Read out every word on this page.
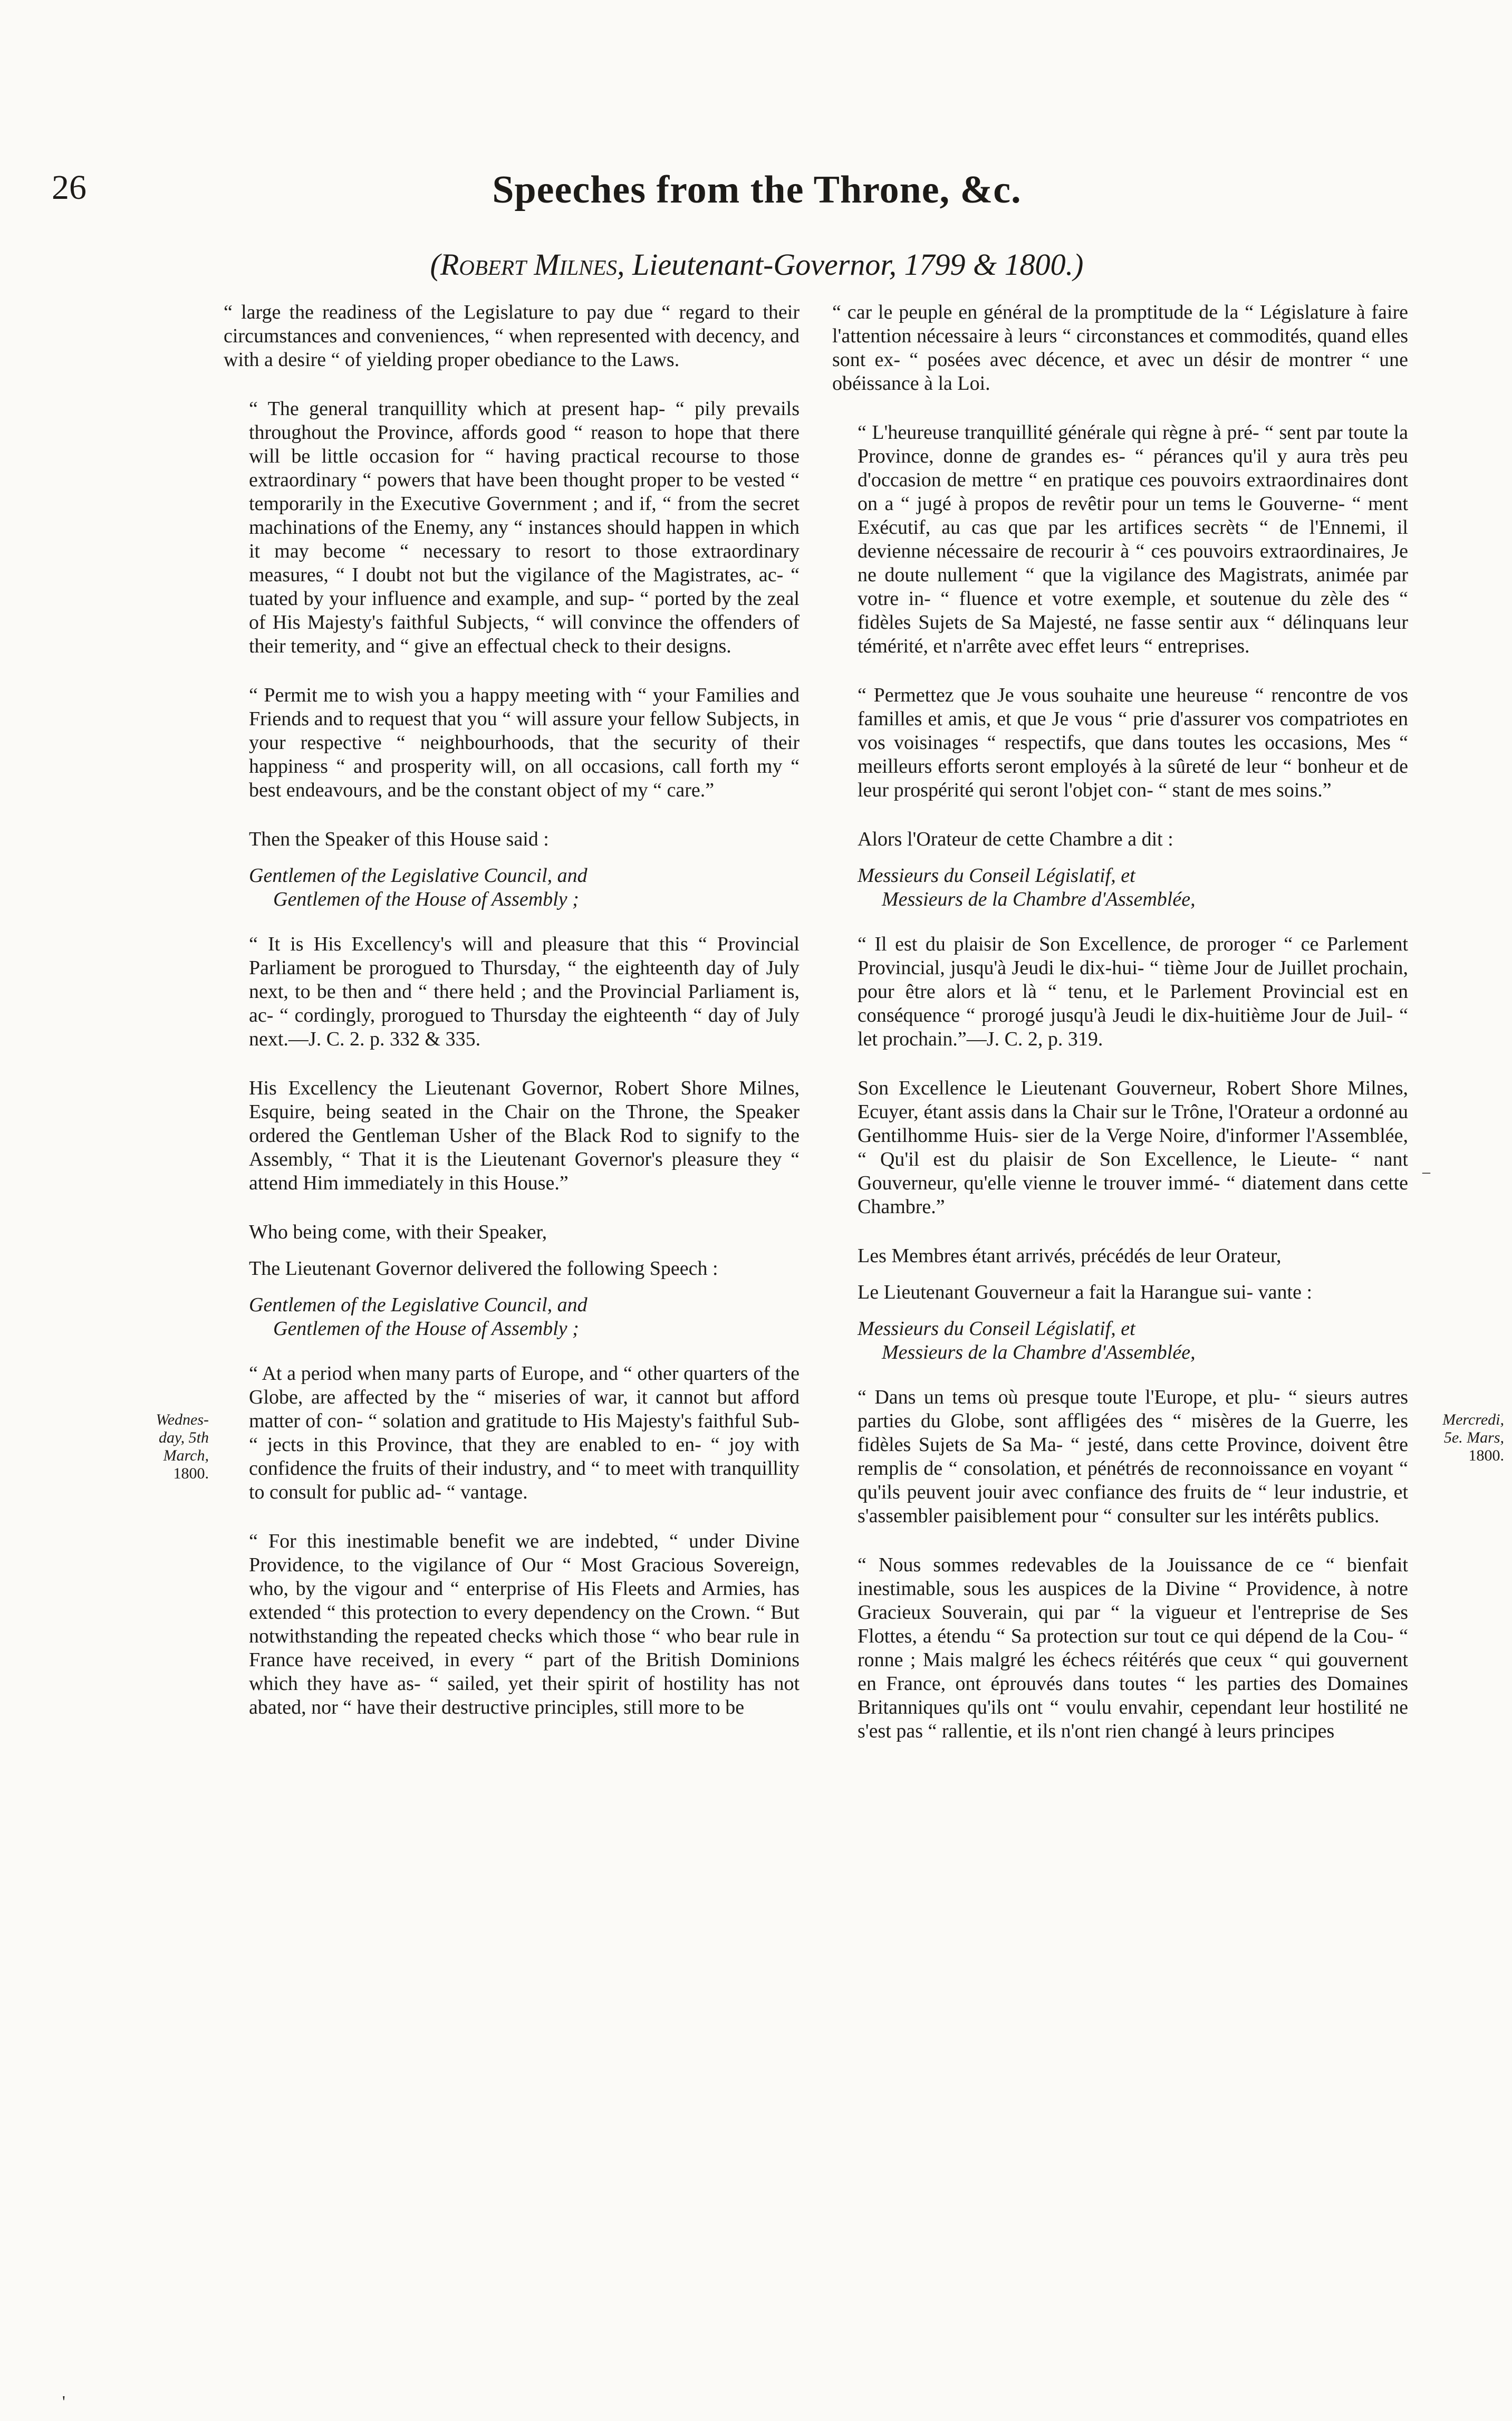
26	Speeches from the Throne, &c.
(Robert Milnes, Lieutenant-Governor, 1799 & 1800.)

“ large the readiness of the Legislature to pay due “ regard to their circumstances and conveniences, “ when represented with decency, and with a desire “ of yielding proper obediance to the Laws.

“ The general tranquillity which at present hap- “ pily prevails throughout the Province, affords good “ reason to hope that there will be little occasion for “ having practical recourse to those extraordinary “ powers that have been thought proper to be vested “ temporarily in the Executive Government ; and if, “ from the secret machinations of the Enemy, any “ instances should happen in which it may become “ necessary to resort to those extraordinary measures, “ I doubt not but the vigilance of the Magistrates, ac- “ tuated by your influence and example, and sup- “ ported by the zeal of His Majesty's faithful Subjects, “ will convince the offenders of their temerity, and “ give an effectual check to their designs.

“ Permit me to wish you a happy meeting with “ your Families and Friends and to request that you “ will assure your fellow Subjects, in your respective “ neighbourhoods, that the security of their happiness “ and prosperity will, on all occasions, call forth my “ best endeavours, and be the constant object of my “ care.”

Then the Speaker of this House said :

Gentlemen of the Legislative Council, and
Gentlemen of the House of Assembly ;

“ It is His Excellency's will and pleasure that this “ Provincial Parliament be prorogued to Thursday, “ the eighteenth day of July next, to be then and “ there held ; and the Provincial Parliament is, ac- “ cordingly, prorogued to Thursday the eighteenth “ day of July next.—J. C. 2. p. 332 & 335.

His Excellency the Lieutenant Governor, Robert Shore Milnes, Esquire, being seated in the Chair on the Throne, the Speaker ordered the Gentleman Usher of the Black Rod to signify to the Assembly, “ That it is the Lieutenant Governor's pleasure they “ attend Him immediately in this House.”

Who being come, with their Speaker,

The Lieutenant Governor delivered the following Speech :

Gentlemen of the Legislative Council, and
Gentlemen of the House of Assembly ;

“ At a period when many parts of Europe, and “ other quarters of the Globe, are affected by the “ miseries of war, it cannot but afford matter of con- “ solation and gratitude to His Majesty's faithful Sub- “ jects in this Province, that they are enabled to en- “ joy with confidence the fruits of their industry, and “ to meet with tranquillity to consult for public ad- “ vantage.

“ For this inestimable benefit we are indebted, “ under Divine Providence, to the vigilance of Our “ Most Gracious Sovereign, who, by the vigour and “ enterprise of His Fleets and Armies, has extended “ this protection to every dependency on the Crown. “ But notwithstanding the repeated checks which those “ who bear rule in France have received, in every “ part of the British Dominions which they have as- “ sailed, yet their spirit of hostility has not abated, nor “ have their destructive principles, still more to be

“ car le peuple en général de la promptitude de la “ Législature à faire l'attention nécessaire à leurs “ circonstances et commodités, quand elles sont ex- “ posées avec décence, et avec un désir de montrer “ une obéissance à la Loi.

“ L'heureuse tranquillité générale qui règne à pré- “ sent par toute la Province, donne de grandes es- “ pérances qu'il y aura très peu d'occasion de mettre “ en pratique ces pouvoirs extraordinaires dont on a “ jugé à propos de revêtir pour un tems le Gouverne- “ ment Exécutif, au cas que par les artifices secrèts “ de l'Ennemi, il devienne nécessaire de recourir à “ ces pouvoirs extraordinaires, Je ne doute nullement “ que la vigilance des Magistrats, animée par votre in- “ fluence et votre exemple, et soutenue du zèle des “ fidèles Sujets de Sa Majesté, ne fasse sentir aux “ délinquans leur témérité, et n'arrête avec effet leurs “ entreprises.

“ Permettez que Je vous souhaite une heureuse “ rencontre de vos familles et amis, et que Je vous “ prie d'assurer vos compatriotes en vos voisinages “ respectifs, que dans toutes les occasions, Mes “ meilleurs efforts seront employés à la sûreté de leur “ bonheur et de leur prospérité qui seront l'objet con- “ stant de mes soins.”

Alors l'Orateur de cette Chambre a dit :

Messieurs du Conseil Législatif, et
Messieurs de la Chambre d'Assemblée,

“ Il est du plaisir de Son Excellence, de proroger “ ce Parlement Provincial, jusqu'à Jeudi le dix-hui- “ tième Jour de Juillet prochain, pour être alors et là “ tenu, et le Parlement Provincial est en conséquence “ prorogé jusqu'à Jeudi le dix-huitième Jour de Juil- “ let prochain.”—J. C. 2, p. 319.

Son Excellence le Lieutenant Gouverneur, Robert Shore Milnes, Ecuyer, étant assis dans la Chair sur le Trône, l'Orateur a ordonné au Gentilhomme Huis- sier de la Verge Noire, d'informer l'Assemblée, “ Qu'il est du plaisir de Son Excellence, le Lieute- “ nant Gouverneur, qu'elle vienne le trouver immé- “ diatement dans cette Chambre.”

Les Membres étant arrivés, précédés de leur Orateur,

Le Lieutenant Gouverneur a fait la Harangue sui- vante :

Messieurs du Conseil Législatif, et
Messieurs de la Chambre d'Assemblée,

“ Dans un tems où presque toute l'Europe, et plu- “ sieurs autres parties du Globe, sont affligées des “ misères de la Guerre, les fidèles Sujets de Sa Ma- “ jesté, dans cette Province, doivent être remplis de “ consolation, et pénétrés de reconnoissance en voyant “ qu'ils peuvent jouir avec confiance des fruits de “ leur industrie, et s'assembler paisiblement pour “ consulter sur les intérêts publics.

“ Nous sommes redevables de la Jouissance de ce “ bienfait inestimable, sous les auspices de la Divine “ Providence, à notre Gracieux Souverain, qui par “ la vigueur et l'entreprise de Ses Flottes, a étendu “ Sa protection sur tout ce qui dépend de la Cou- “ ronne ; Mais malgré les échecs réitérés que ceux “ qui gouvernent en France, ont éprouvés dans toutes “ les parties des Domaines Britanniques qu'ils ont “ voulu envahir, cependant leur hostilité ne s'est pas “ rallentie, et ils n'ont rien changé à leurs principes

Wednes-
day, 5th
March,
1800.
Mercredi,
5e. Mars,
1800.
–
'
